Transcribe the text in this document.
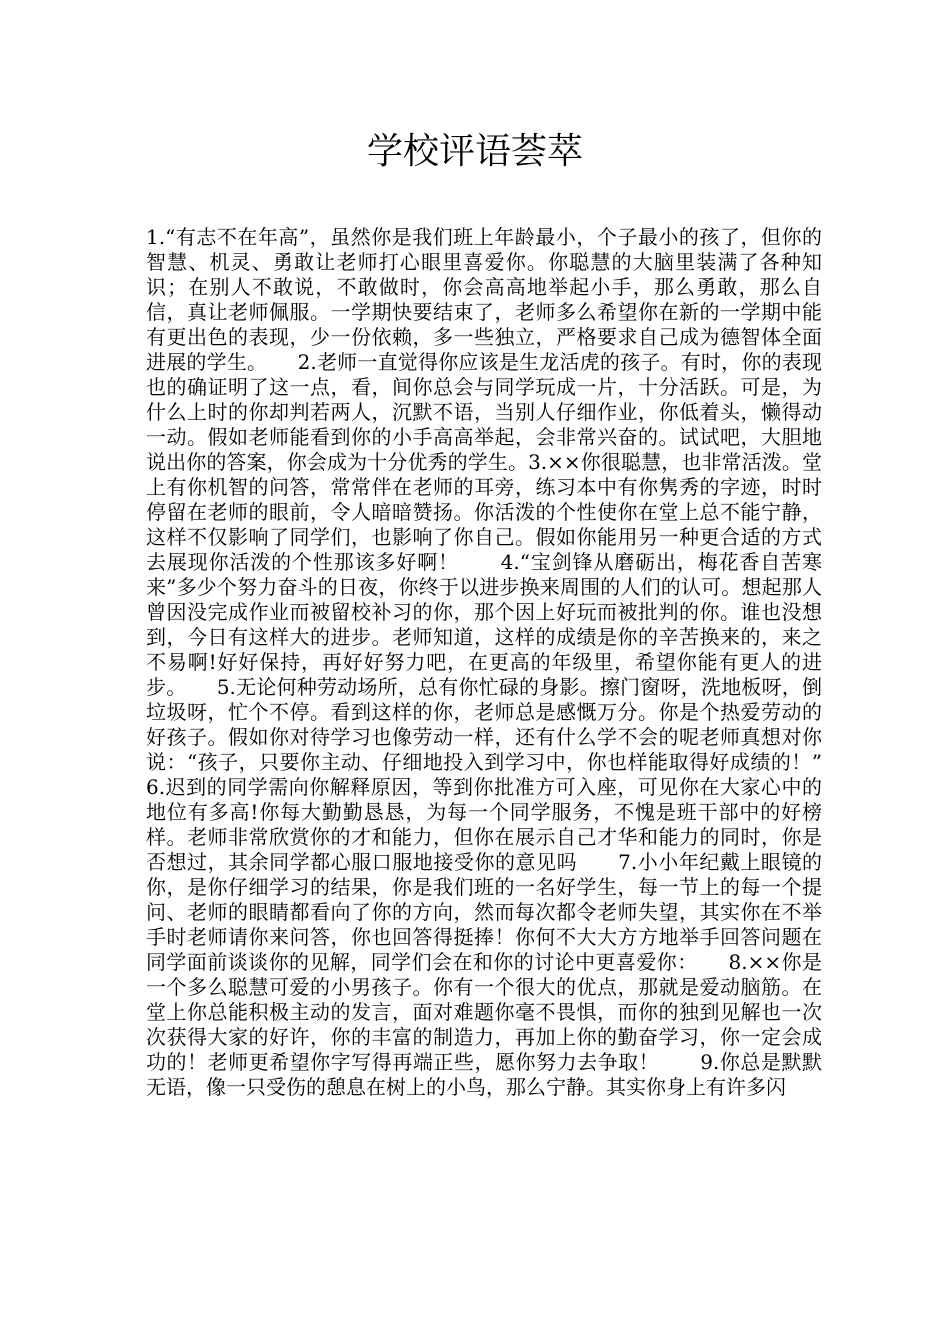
学校评语荟萃

1.“有志不在年高”，虽然你是我们班上年龄最小，个子最小的孩了，但你的智慧、机灵、勇敢让老师打心眼里喜爱你。你聪慧的大脑里装满了各种知识；在别人不敢说，不敢做时，你会高高地举起小手，那么勇敢，那么自信，真让老师佩服。一学期快要结束了，老师多么希望你在新的一学期中能有更出色的表现，少一份依赖，多一些独立，严格要求自己成为德智体全面进展的学生。　　2.老师一直觉得你应该是生龙活虎的孩子。有时，你的表现也的确证明了这一点，看，间你总会与同学玩成一片，十分活跃。可是，为什么上时的你却判若两人，沉默不语，当别人仔细作业，你低着头，懒得动一动。假如老师能看到你的小手高高举起，会非常兴奋的。试试吧，大胆地说出你的答案，你会成为十分优秀的学生。3.××你很聪慧，也非常活泼。堂上有你机智的问答，常常伴在老师的耳旁，练习本中有你隽秀的字迹，时时停留在老师的眼前，令人暗暗赞扬。你活泼的个性使你在堂上总不能宁静，这样不仅影响了同学们，也影响了你自己。假如你能用另一种更合适的方式去展现你活泼的个性那该多好啊！　　4.“宝剑锋从磨砺出，梅花香自苦寒来”多少个努力奋斗的日夜，你终于以进步换来周围的人们的认可。想起那人曾因没完成作业而被留校补习的你，那个因上好玩而被批判的你。谁也没想到，今日有这样大的进步。老师知道，这样的成绩是你的辛苦换来的，来之不易啊!好好保持，再好好努力吧，在更高的年级里，希望你能有更人的进步。　　5.无论何种劳动场所，总有你忙碌的身影。擦门窗呀，洗地板呀，倒垃圾呀，忙个不停。看到这样的你，老师总是感慨万分。你是个热爱劳动的好孩子。假如你对待学习也像劳动一样，还有什么学不会的呢老师真想对你说：“孩子，只要你主动、仔细地投入到学习中，你也样能取得好成绩的！”　　6.迟到的同学需向你解释原因，等到你批准方可入座，可见你在大家心中的地位有多高!你每大勤勤恳恳，为每一个同学服务，不愧是班干部中的好榜样。老师非常欣赏你的才和能力，但你在展示自己才华和能力的同时，你是否想过，其余同学都心服口服地接受你的意见吗　　7.小小年纪戴上眼镜的你，是你仔细学习的结果，你是我们班的一名好学生，每一节上的每一个提问、老师的眼睛都看向了你的方向，然而每次都令老师失望，其实你在不举手时老师请你来问答，你也回答得挺捧！你何不大大方方地举手回答问题在同学面前谈谈你的见解，同学们会在和你的讨论中更喜爱你：　　8.××你是一个多么聪慧可爱的小男孩子。你有一个很大的优点，那就是爱动脑筋。在堂上你总能积极主动的发言，面对难题你毫不畏惧，而你的独到见解也一次次获得大家的好许，你的丰富的制造力，再加上你的勤奋学习，你一定会成功的！老师更希望你字写得再端正些，愿你努力去争取！　　9.你总是默默无语，像一只受伤的憩息在树上的小鸟，那么宁静。其实你身上有许多闪
